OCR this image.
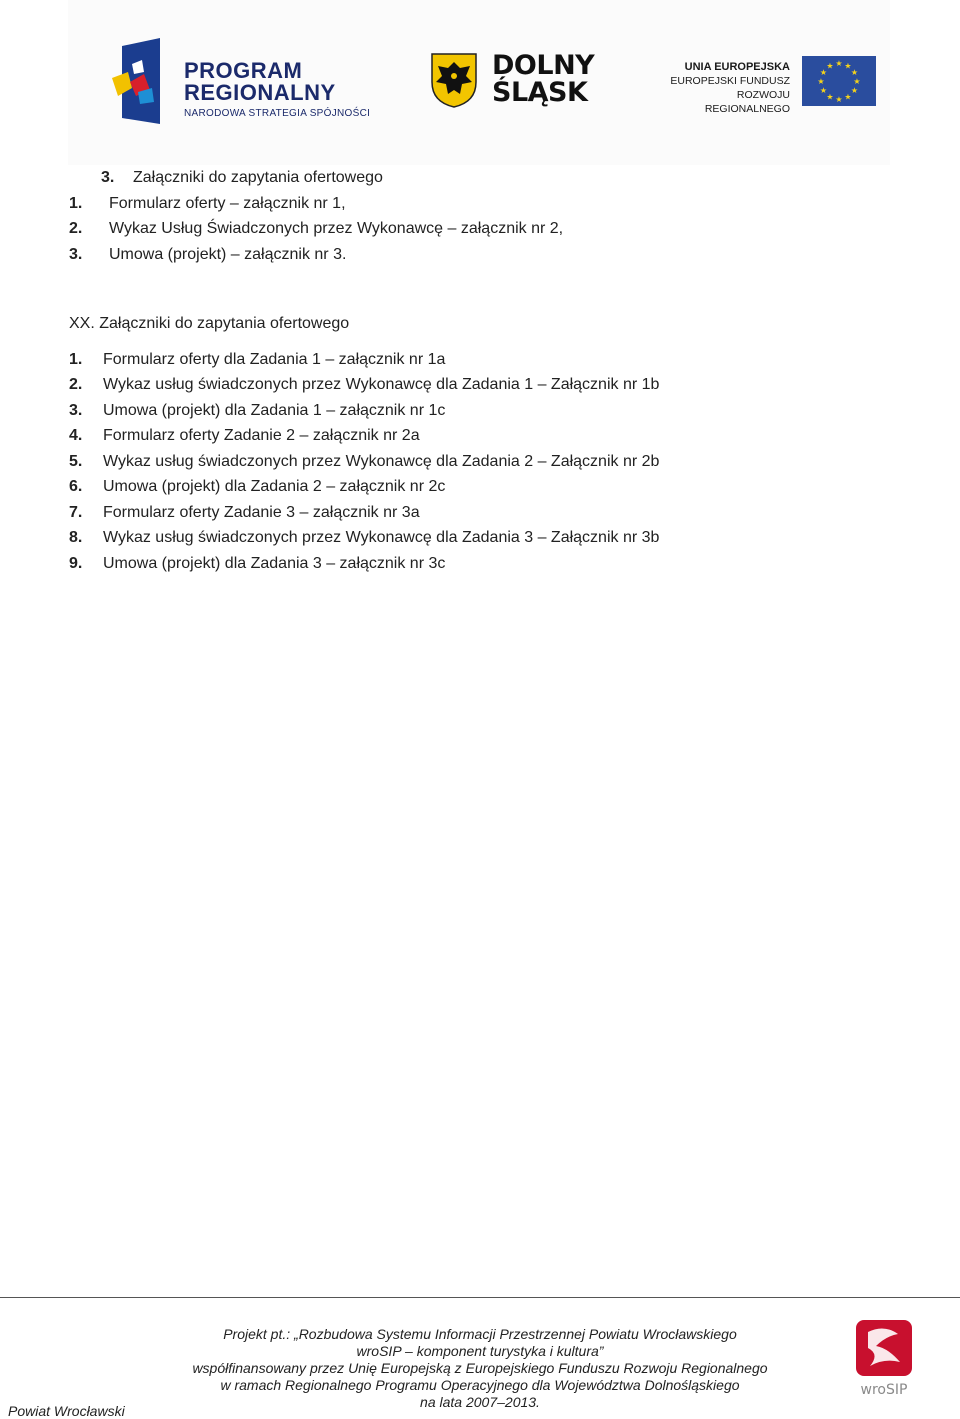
PROGRAM
REGIONALNY
NARODOWA STRATEGIA SPÓJNOŚCI
DOLNY
ŚLĄSK
UNIA EUROPEJSKA
EUROPEJSKI FUNDUSZ
ROZWOJU REGIONALNEGO
★ ★
★
★
★
★
★
★
★
★
★
★
3. Załączniki do zapytania ofertowego
1. Formularz oferty – załącznik nr 1,
2. Wykaz Usług Świadczonych przez Wykonawcę – załącznik nr 2,
3. Umowa (projekt) – załącznik nr 3.
XX. Załączniki do zapytania ofertowego
1. Formularz oferty dla Zadania 1 – załącznik nr 1a
2. Wykaz usług świadczonych przez Wykonawcę dla Zadania 1 – Załącznik nr 1b
3. Umowa (projekt) dla Zadania 1 – załącznik nr 1c
4. Formularz oferty Zadanie 2 – załącznik nr 2a
5. Wykaz usług świadczonych przez Wykonawcę dla Zadania 2 – Załącznik nr 2b
6. Umowa (projekt) dla Zadania 2 – załącznik nr 2c
7. Formularz oferty Zadanie 3 – załącznik nr 3a
8. Wykaz usług świadczonych przez Wykonawcę dla Zadania 3 – Załącznik nr 3b
9. Umowa (projekt) dla Zadania 3 – załącznik nr 3c
Projekt pt.: „Rozbudowa Systemu Informacji Przestrzennej Powiatu Wrocławskiego
wroSIP – komponent turystyka i kultura”
współfinansowany przez Unię Europejską z Europejskiego Funduszu Rozwoju Regionalnego
w ramach Regionalnego Programu Operacyjnego dla Województwa Dolnośląskiego
na lata 2007–2013.
Powiat Wrocławski
wroSIP
